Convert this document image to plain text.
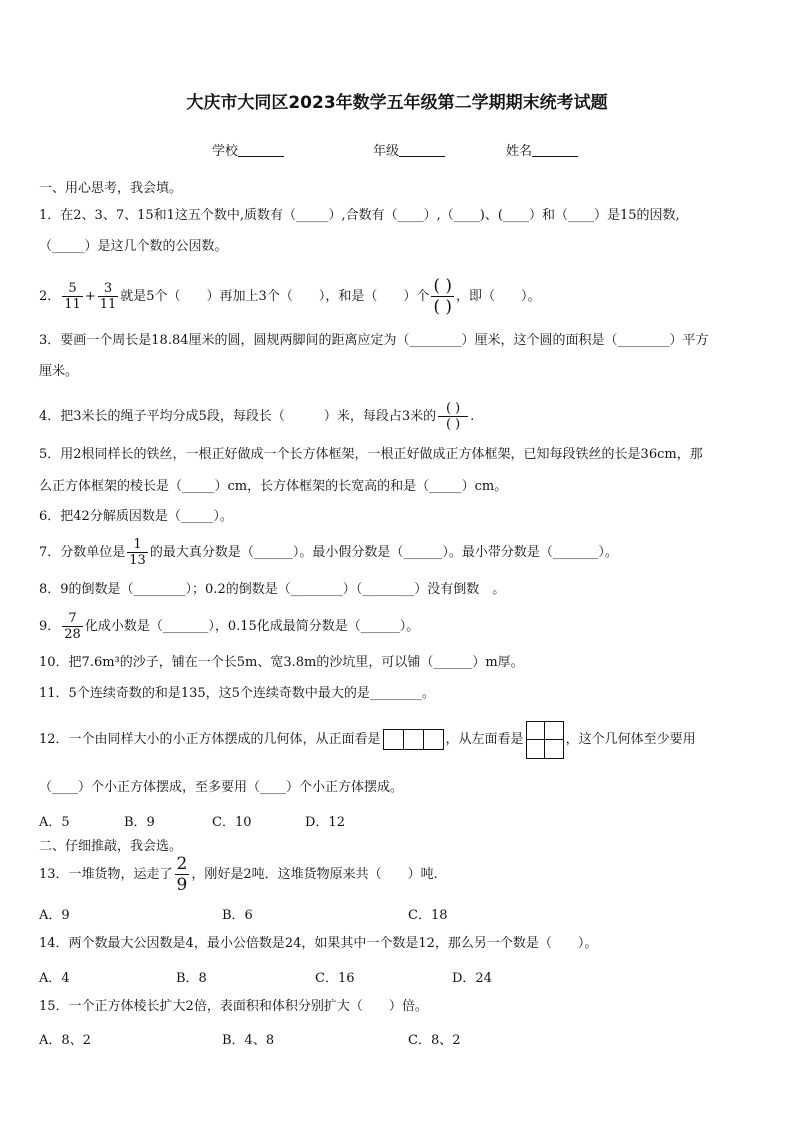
大庆市大同区2023年数学五年级第二学期期末统考试题
学校	年级	姓名
一、用心思考，我会填。
1．在2、3、7、15和1这五个数中,质数有（_____）,合数有（____）,（____)、(____）和（____）是15的因数,
（_____）是这几个数的公因数。
2． $\frac{5}{11} + \frac{3}{11}$ 就是5个（　　）再加上3个（　　），和是（　　）个 $\frac{( )}{( )}$ ，即（　　）。
3．要画一个周长是18.84厘米的圆，圆规两脚间的距离应定为（________）厘米，这个圆的面积是（________）平方
厘米。
4．把3米长的绳子平均分成5段，每段长（　　　）米，每段占3米的 $\frac{( )}{( )}$ .
5．用2根同样长的铁丝，一根正好做成一个长方体框架，一根正好做成正方体框架，已知每段铁丝的长是36cm，那
么正方体框架的棱长是（_____）cm，长方体框架的长宽高的和是（_____）cm。
6．把42分解质因数是（_____）。
7．分数单位是 $\frac{1}{13}$ 的最大真分数是（______）。最小假分数是（______）。最小带分数是（_______）。
8．9的倒数是（________）；0.2的倒数是（________）（________）没有倒数　。
9． $\frac{7}{28}$ 化成小数是（_______），0.15化成最简分数是（______）。
10．把7.6m³的沙子，铺在一个长5m、宽3.8m的沙坑里，可以铺（______）m厚。
11．5个连续奇数的和是135，这5个连续奇数中最大的是________。
12．一个由同样大小的小正方体摆成的几何体，从正面看是	，从左面看是	，这个几何体至少要用
（____）个小正方体摆成，至多要用（____）个小正方体摆成。
A．5	B．9	C．10	D．12
二、仔细推敲，我会选。
13．一堆货物，运走了 $\frac{2}{9}$ ，刚好是2吨．这堆货物原来共（　　）吨.
A．9	B．6	C．18
14．两个数最大公因数是4，最小公倍数是24，如果其中一个数是12，那么另一个数是（　　）。
A．4	B．8	C．16	D．24
15．一个正方体棱长扩大2倍，表面积和体积分别扩大（　　）倍。
A．8、2	B．4、8	C．8、2
